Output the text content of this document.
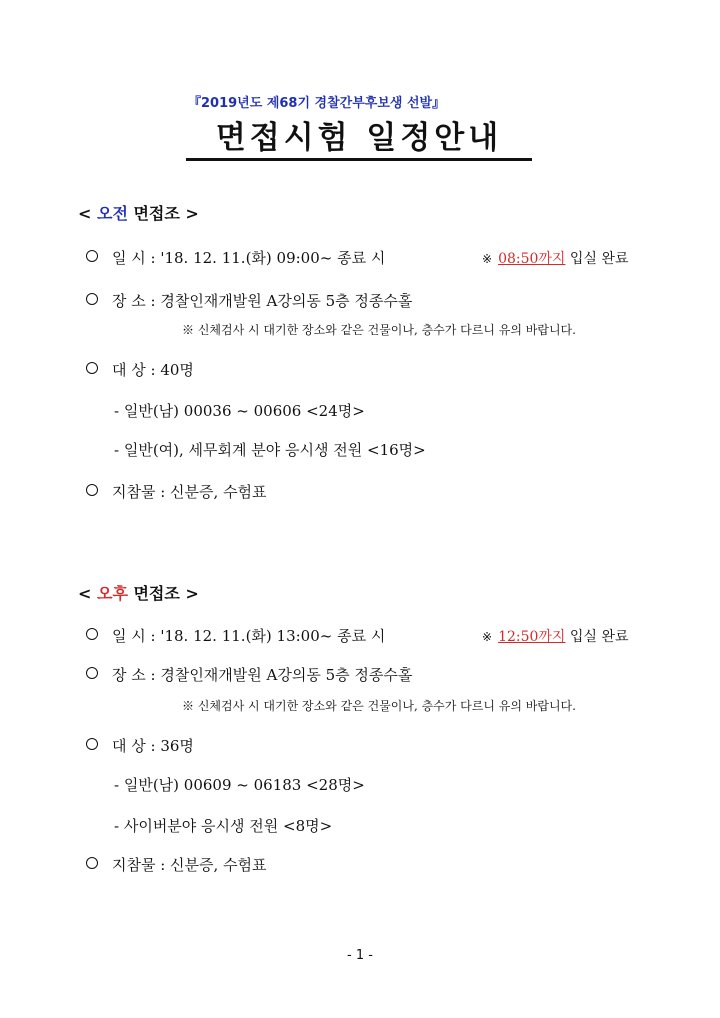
『2019년도 제68기 경찰간부후보생 선발』
면접시험 일정안내
< 오전 면접조 >
일 시 : '18. 12. 11.(화) 09:00~ 종료 시	※ 08:50까지 입실 완료
장 소 : 경찰인재개발원 A강의동 5층 정종수홀
※ 신체검사 시 대기한 장소와 같은 건물이나, 층수가 다르니 유의 바랍니다.
대 상 : 40명
- 일반(남) 00036 ~ 00606 <24명>
- 일반(여), 세무회계 분야 응시생 전원 <16명>
지참물 : 신분증, 수험표
< 오후 면접조 >
일 시 : '18. 12. 11.(화) 13:00~ 종료 시	※ 12:50까지 입실 완료
장 소 : 경찰인재개발원 A강의동 5층 정종수홀
※ 신체검사 시 대기한 장소와 같은 건물이나, 층수가 다르니 유의 바랍니다.
대 상 : 36명
- 일반(남) 00609 ~ 06183 <28명>
- 사이버분야 응시생 전원 <8명>
지참물 : 신분증, 수험표
- 1 -
